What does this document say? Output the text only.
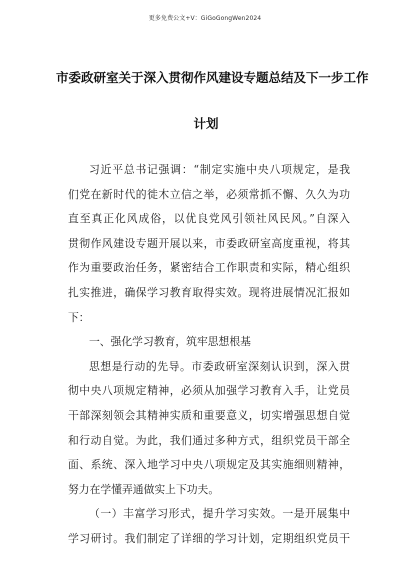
更多免费公文+V：GiGoGongWen2024
市委政研室关于深入贯彻作风建设专题总结及下一步工作
计划
习近平总书记强调：“制定实施中央八项规定，是我
们党在新时代的徙木立信之举，必须常抓不懈、久久为功
直至真正化风成俗，以优良党风引领社风民风。”自深入
贯彻作风建设专题开展以来，市委政研室高度重视，将其
作为重要政治任务，紧密结合工作职责和实际，精心组织
扎实推进，确保学习教育取得实效。现将进展情况汇报如
下：
一、强化学习教育，筑牢思想根基
思想是行动的先导。市委政研室深刻认识到，深入贯
彻中央八项规定精神，必须从加强学习教育入手，让党员
干部深刻领会其精神实质和重要意义，切实增强思想自觉
和行动自觉。为此，我们通过多种方式，组织党员干部全
面、系统、深入地学习中央八项规定及其实施细则精神，
努力在学懂弄通做实上下功夫。
（一）丰富学习形式，提升学习实效。一是开展集中
学习研讨。我们制定了详细的学习计划，定期组织党员干
